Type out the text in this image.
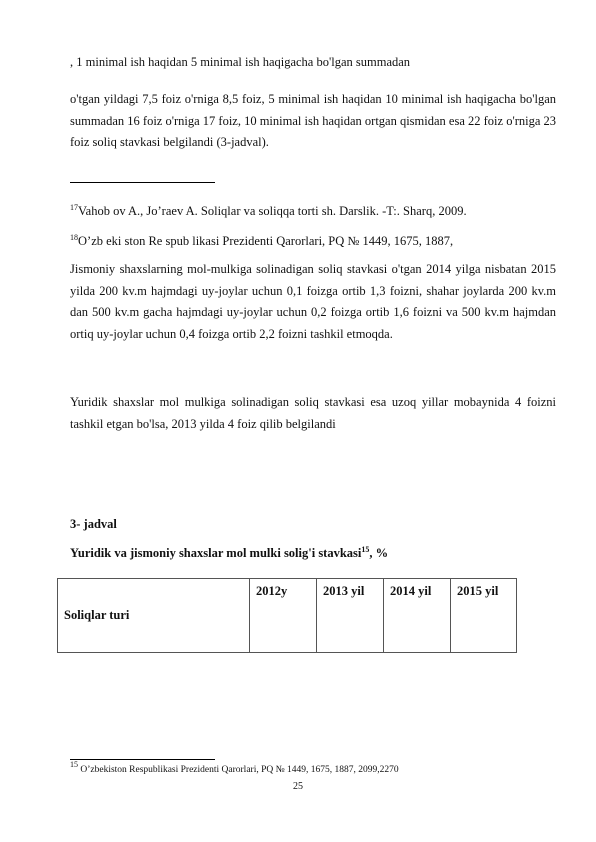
, 1 minimal ish haqidan 5 minimal ish haqigacha bo'lgan summadan
o'tgan yildagi 7,5 foiz o'rniga 8,5 foiz, 5 minimal ish haqidan 10 minimal ish haqigacha bo'lgan summadan 16 foiz o'rniga 17 foiz, 10 minimal ish haqidan ortgan qismidan esa 22 foiz o'rniga 23 foiz soliq stavkasi belgilandi (3-jadval).
$^{17}$Vahob ov A., Jo’raev A. Soliqlar va soliqqa torti sh. Darslik. -T:. Sharq, 2009.
$^{18}$O’zb eki ston Re spub likasi Prezidenti Qarorlari, PQ № 1449, 1675, 1887,
Jismoniy shaxslarning mol-mulkiga solinadigan soliq stavkasi o'tgan 2014 yilga nisbatan 2015 yilda 200 kv.m hajmdagi uy-joylar uchun 0,1 foizga ortib 1,3 foizni, shahar joylarda 200 kv.m dan 500 kv.m gacha hajmdagi uy-joylar uchun 0,2 foizga ortib 1,6 foizni va 500 kv.m hajmdan ortiq uy-joylar uchun 0,4 foizga ortib 2,2 foizni tashkil etmoqda.
Yuridik shaxslar mol mulkiga solinadigan soliq stavkasi esa uzoq yillar mobaynida 4 foizni tashkil etgan bo'lsa, 2013 yilda 4 foiz qilib belgilandi
3- jadval
Yuridik va jismoniy shaxslar mol mulki solig'i stavkasi$^{15}$, %
Soliqlar turi	2012y	2013 yil	2014 yil	2015 yil
$^{15}$ O’zbekiston Respublikasi Prezidenti Qarorlari, PQ № 1449, 1675, 1887, 2099,2270
25
